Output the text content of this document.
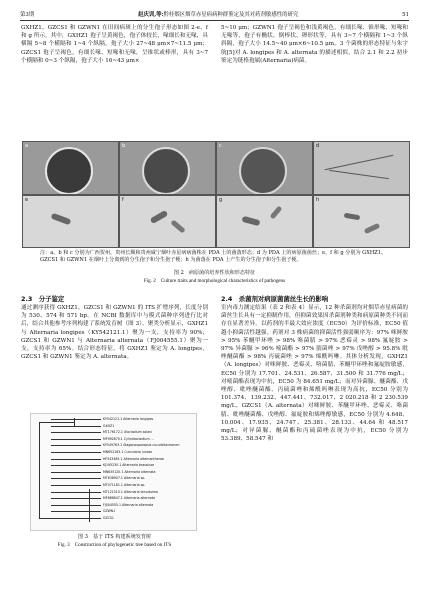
第3期	赵庆训,等:黔桂烟区烟草赤星病病种群鉴定及其对药剂敏感性的研究	51
GXHZ1、GZCS1 和 GZWN1 在田间病斑上的分生孢子形态如图 2-e、f 和 g 所示。其中，GXHZ1 孢子呈黄褐色，孢子体较长，喙细长和无喙，具横隔 5~8 个横隔和 1~4 个纵隔，孢子大小 27~48 μm×7~11.5 μm；GZCS1 孢子呈褐色，有细长喙、短喙和无喙，呈锥状或棒形，具有 3~7 个横隔和 0~3 个纵隔，孢子大小 16~43 μm×
5~10 μm；GZWN1 孢子呈褐色和浅黄褐色，有细长喙、锥形喙、短喙和无喙等，孢子有椭状、倒棒状、卵形状等，具有 3~7 个横隔和 1~3 个纵斜隔，孢子大小 14.5~40 μm×6~10.5 μm。3 个菌株的形态特征与朱宇航[5]对 A. longipes 和 A. alternata 的描述相似，结合 2.1 和 2.2 初步鉴定为链格孢属(Alternaria)病菌。
a	b	c	d
e	f	g	h
注：a、b 和 c 分别为广西贺州、贵州长顺和贵州威宁烟叶赤星病病菌株在 PDA 上的菌落形态；d 为 PDA 上的病原菌菌丝；e、f 和 g 分别为 GXHZ1、GZCS1 和 GZWN1 在烟叶上分离到的分生孢子和分生孢子梗；h 为菌落在 PDA 上产生的分生孢子和分生孢子梗。
图 2　病原菌的培养性状和形态特征
Fig. 2　Culture traits and morphological characteristics of pathogens
2.3　分子鉴定
通过测序获得 GXHZ1、GZCS1 和 GZWN1 的 ITS 扩增序列，长度分别为 530、574 和 571 bp。在 NCBI 数据库中与模式菌种序列进行比对后，结合其他参考序列构建了系统发育树（图 3）。聚类分析显示，GXHZ1 与 Alternaria longipes（KY542121.1）聚为一支，支持率为 90%；GZCS1 和 GZWN1 与 Alternaria alternata（FJ004555.1）聚为一支，支持率为 65%。结合形态特征，将 GXHZ1 鉴定为 A. longipes，GZCS1 和 GZWN1 鉴定为 A. alternata。
KY542121.1 Alternaria longipes
GXHZ1
MT176172.1 Ulocladium solani
MF992870.1 Cylindrocladium ...
KY549763.1 Stagonosporopsis cucurbitacearum
MN652163.1 Curvularia lunata
HF543465.1 Alternaria alternantherae
KJ195230.1 Alternaria brassicae
MN635120.1 Alternaria alternata
MT638907.1 Alternaria sp.
MT071181.1 Alternaria sp.
MT121510.1 Alternaria tenuissima
MF686847.1 Alternaria alternata
FJ004555.1 Alternaria alternata
GZWN1
GZCS1
图 3　基于 ITS 构建系统发育树
Fig. 3　Construction of phylogenetic tree based on ITS
2.4　杀菌剂对病原菌菌丝生长的影响
室内毒力测定结果（表 2 和表 4）显示，12 种杀菌剂均对烟草赤星病菌的菌丝生长具有一定抑制作用，但抑菌效果因杀菌剂种类和病原菌种类不同而存在显著差异。以药剂的半最大效应浓度（EC50）为评价标准，EC50 值越小抑菌活性越强。药剂对 3 株病菌的抑菌活性强弱顺序为：97% 咪鲜胺 > 95% 苯醚甲环唑 > 98% 咯菌腈 > 97% 恶霉灵 > 98% 氟啶胺 > 97% 异菌脲 > 96% 嘧菌酯 > 97% 腈菌唑 > 97% 戊唑醇 > 95.8% 吡唑醚菌酯 > 98% 丙硫菌唑 > 97% 烯酰吗啉。其体分析发现，GXHZ1（A. longipes）对咪鲜胺、恶霉灵、咯菌腈、苯醚甲环唑和氟啶胺敏感，EC50 分别为 17.701、24.531、26.587、31.500 和 31.776 mg/L；对嘧菌酯表现为中抗，EC50 为 84.651 mg/L；而对异菌脲、醚菌酯、戊唑醇、吡唑醚菌酯、丙硫菌唑和烯酰吗啉表现为高抗，EC50 分别为 101.374、139.232、447.441、732.017、2 020.218 和 2 230.539 mg/L。GZCS1（A. alternata）对咪鲜胺、苯醚甲环唑、恶霉灵、咯菌腈、吡唑醚菌酯、戊唑醇、氟啶胺和烯唑醇敏感，EC50 分别为 4.648、10.004、17.935、24.747、25.381、28.133、44.64 和 48.517 mg/L；对异菌脲、醚菌酯和丙硫菌唑表现为中抗，EC50 分别为 53.389、58.547 和
